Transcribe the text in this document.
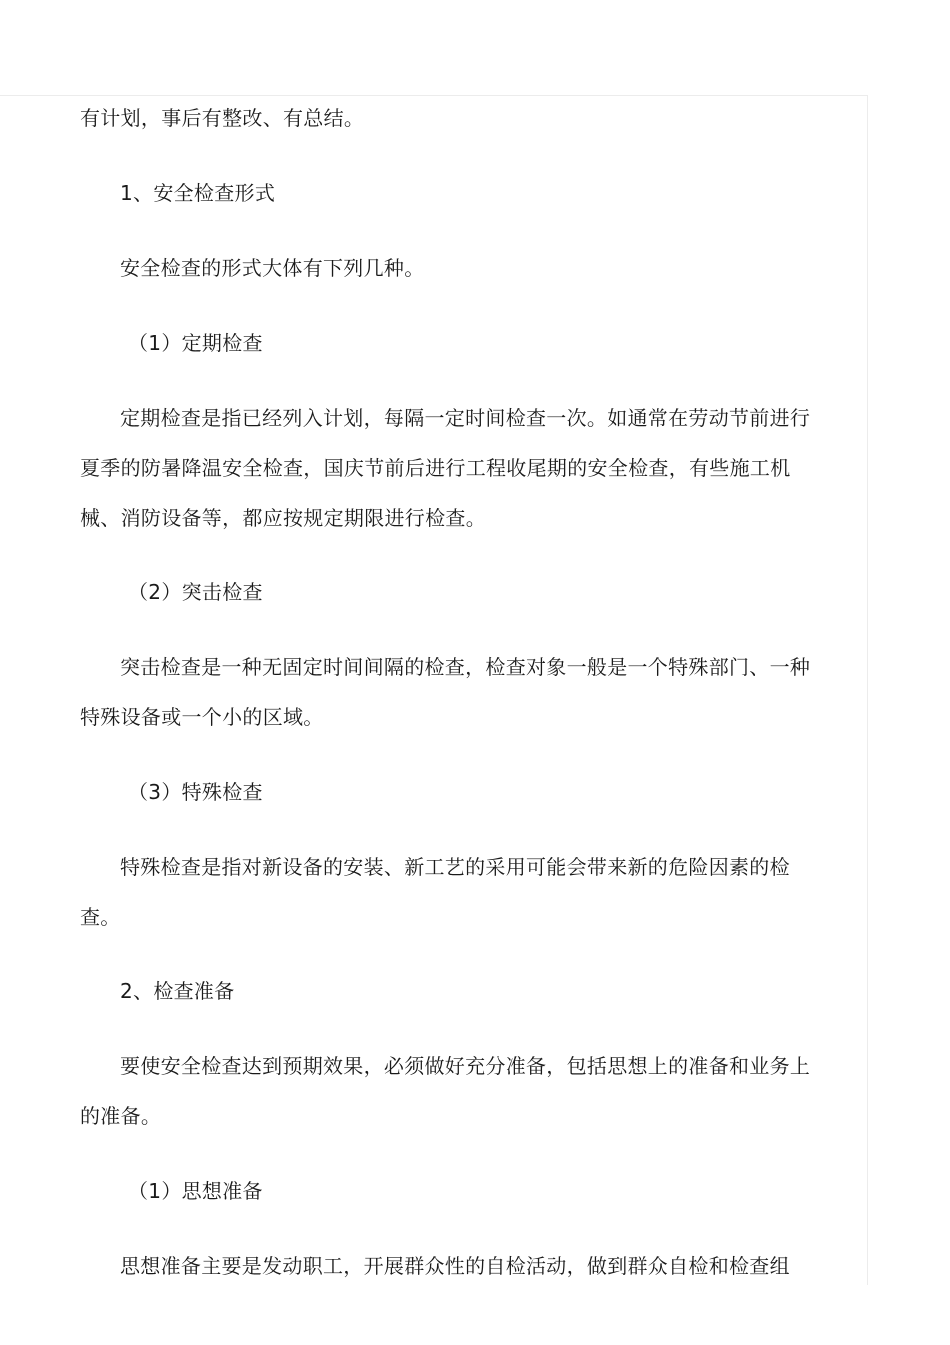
有计划，事后有整改、有总结。

1、安全检查形式

安全检查的形式大体有下列几种。

（1）定期检查

定期检查是指已经列入计划，每隔一定时间检查一次。如通常在劳动节前进行夏季的防暑降温安全检查，国庆节前后进行工程收尾期的安全检查，有些施工机械、消防设备等，都应按规定期限进行检查。

（2）突击检查

突击检查是一种无固定时间间隔的检查，检查对象一般是一个特殊部门、一种特殊设备或一个小的区域。

（3）特殊检查

特殊检查是指对新设备的安装、新工艺的采用可能会带来新的危险因素的检查。

2、检查准备

要使安全检查达到预期效果，必须做好充分准备，包括思想上的准备和业务上的准备。

（1）思想准备

思想准备主要是发动职工，开展群众性的自检活动，做到群众自检和检查组
